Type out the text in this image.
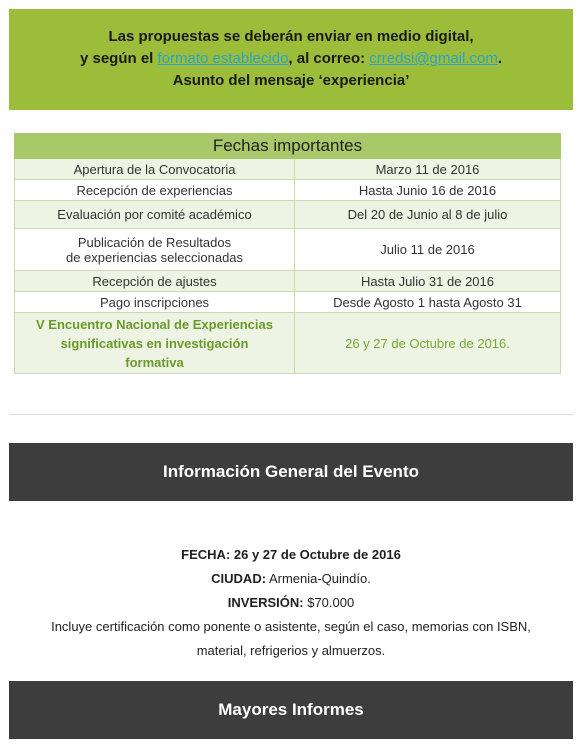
Las propuestas se deberán enviar en medio digital,
y según el formato establecido, al correo: crredsi@gmail.com.
Asunto del mensaje ‘experiencia’
Fechas importantes	
Apertura de la Convocatoria	Marzo 11 de 2016
Recepción de experiencias	Hasta Junio 16 de 2016
Evaluación por comité académico	Del 20 de Junio al 8 de julio

Publicación de Resultados
de experiencias seleccionadas	Julio 11 de 2016
Recepción de ajustes	Hasta Julio 31 de 2016
Pago inscripciones	Desde Agosto 1 hasta Agosto 31

V Encuentro Nacional de Experiencias
significativas en investigación
formativa	26 y 27 de Octubre de 2016.
Información General del Evento
FECHA: 26 y 27 de Octubre de 2016
CIUDAD: Armenia-Quindío.
INVERSIÓN: $70.000
Incluye certificación como ponente o asistente, según el caso, memorias con ISBN,
material, refrigerios y almuerzos.
Mayores Informes
